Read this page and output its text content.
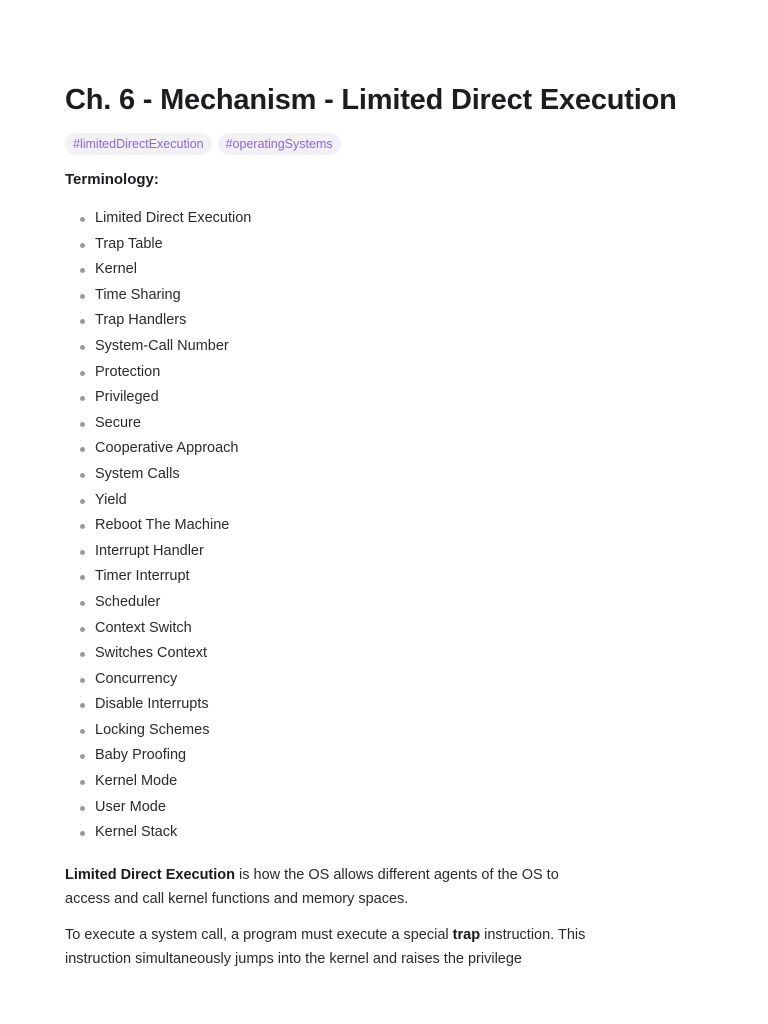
Ch. 6 - Mechanism - Limited Direct Execution
#limitedDirectExecution	#operatingSystems
Terminology:
Limited Direct Execution
Trap Table
Kernel
Time Sharing
Trap Handlers
System-Call Number
Protection
Privileged
Secure
Cooperative Approach
System Calls
Yield
Reboot The Machine
Interrupt Handler
Timer Interrupt
Scheduler
Context Switch
Switches Context
Concurrency
Disable Interrupts
Locking Schemes
Baby Proofing
Kernel Mode
User Mode
Kernel Stack

Limited Direct Execution is how the OS allows different agents of the OS to access and call kernel functions and memory spaces.

To execute a system call, a program must execute a special trap instruction. This instruction simultaneously jumps into the kernel and raises the privilege
